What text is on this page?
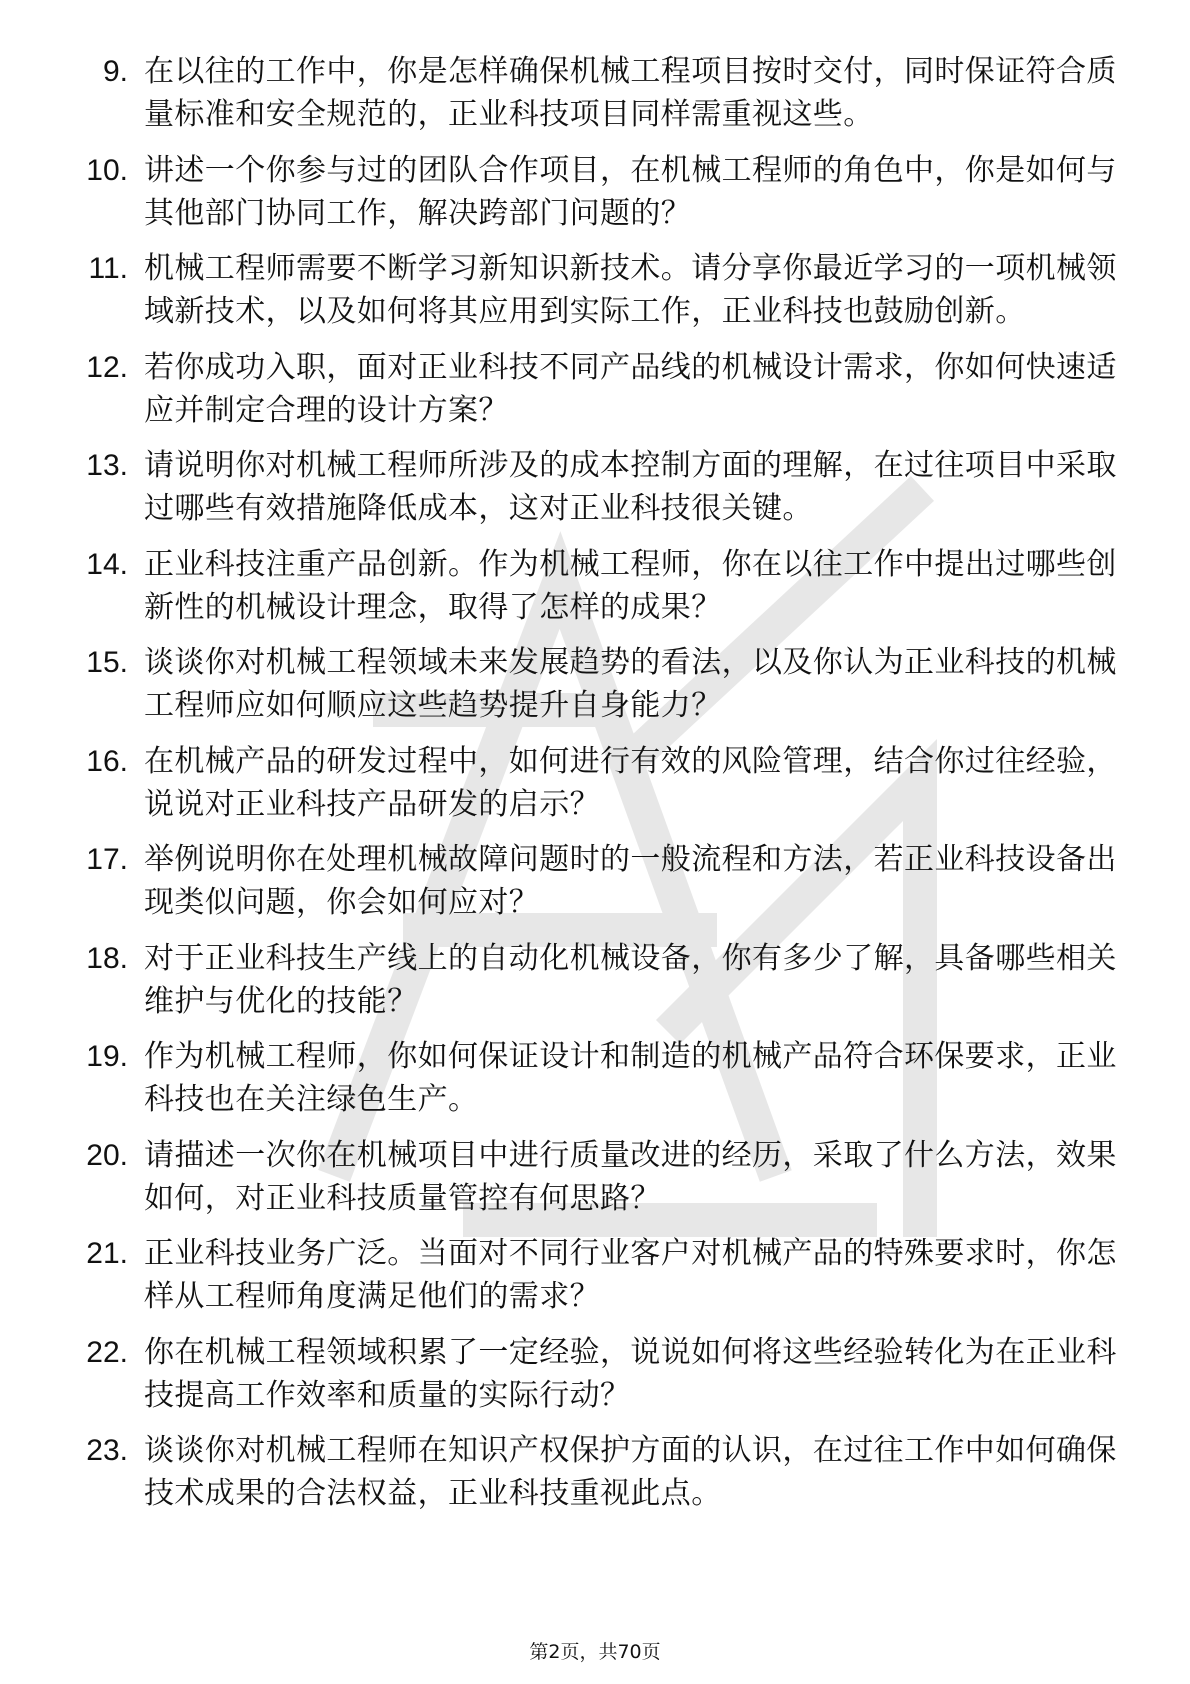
9. 在以往的工作中，你是怎样确保机械工程项目按时交付，同时保证符合质量标准和安全规范的，正业科技项目同样需重视这些。
10. 讲述一个你参与过的团队合作项目，在机械工程师的角色中，你是如何与其他部门协同工作，解决跨部门问题的？
11. 机械工程师需要不断学习新知识新技术。请分享你最近学习的一项机械领域新技术，以及如何将其应用到实际工作，正业科技也鼓励创新。
12. 若你成功入职，面对正业科技不同产品线的机械设计需求，你如何快速适应并制定合理的设计方案？
13. 请说明你对机械工程师所涉及的成本控制方面的理解，在过往项目中采取过哪些有效措施降低成本，这对正业科技很关键。
14. 正业科技注重产品创新。作为机械工程师，你在以往工作中提出过哪些创新性的机械设计理念，取得了怎样的成果？
15. 谈谈你对机械工程领域未来发展趋势的看法，以及你认为正业科技的机械工程师应如何顺应这些趋势提升自身能力？
16. 在机械产品的研发过程中，如何进行有效的风险管理，结合你过往经验，说说对正业科技产品研发的启示？
17. 举例说明你在处理机械故障问题时的一般流程和方法，若正业科技设备出现类似问题，你会如何应对？
18. 对于正业科技生产线上的自动化机械设备，你有多少了解，具备哪些相关维护与优化的技能？
19. 作为机械工程师，你如何保证设计和制造的机械产品符合环保要求，正业科技也在关注绿色生产。
20. 请描述一次你在机械项目中进行质量改进的经历，采取了什么方法，效果如何，对正业科技质量管控有何思路？
21. 正业科技业务广泛。当面对不同行业客户对机械产品的特殊要求时，你怎样从工程师角度满足他们的需求？
22. 你在机械工程领域积累了一定经验，说说如何将这些经验转化为在正业科技提高工作效率和质量的实际行动？
23. 谈谈你对机械工程师在知识产权保护方面的认识，在过往工作中如何确保技术成果的合法权益，正业科技重视此点。
第2页，共70页
